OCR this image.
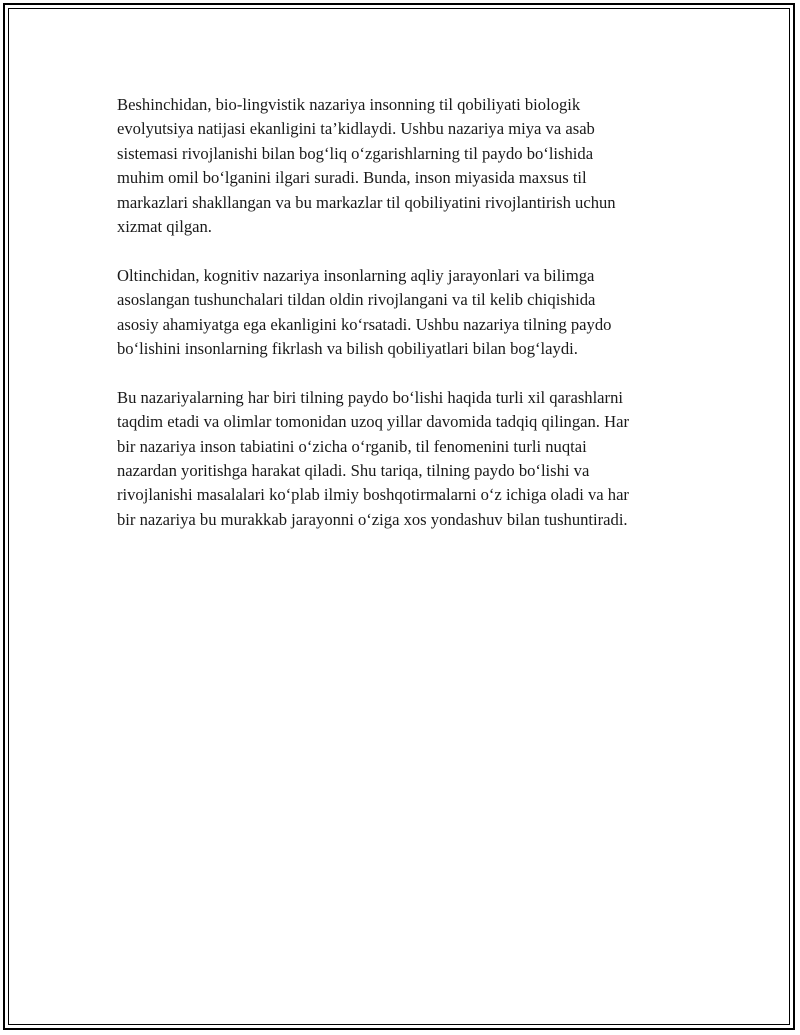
Beshinchidan, bio-lingvistik nazariya insonning til qobiliyati biologik
evolyutsiya natijasi ekanligini ta’kidlaydi. Ushbu nazariya miya va asab
sistemasi rivojlanishi bilan bog‘liq o‘zgarishlarning til paydo bo‘lishida
muhim omil bo‘lganini ilgari suradi. Bunda, inson miyasida maxsus til
markazlari shakllangan va bu markazlar til qobiliyatini rivojlantirish uchun
xizmat qilgan.

Oltinchidan, kognitiv nazariya insonlarning aqliy jarayonlari va bilimga
asoslangan tushunchalari tildan oldin rivojlangani va til kelib chiqishida
asosiy ahamiyatga ega ekanligini ko‘rsatadi. Ushbu nazariya tilning paydo
bo‘lishini insonlarning fikrlash va bilish qobiliyatlari bilan bog‘laydi.

Bu nazariyalarning har biri tilning paydo bo‘lishi haqida turli xil qarashlarni
taqdim etadi va olimlar tomonidan uzoq yillar davomida tadqiq qilingan. Har
bir nazariya inson tabiatini o‘zicha o‘rganib, til fenomenini turli nuqtai
nazardan yoritishga harakat qiladi. Shu tariqa, tilning paydo bo‘lishi va
rivojlanishi masalalari ko‘plab ilmiy boshqotirmalarni o‘z ichiga oladi va har
bir nazariya bu murakkab jarayonni o‘ziga xos yondashuv bilan tushuntiradi.
